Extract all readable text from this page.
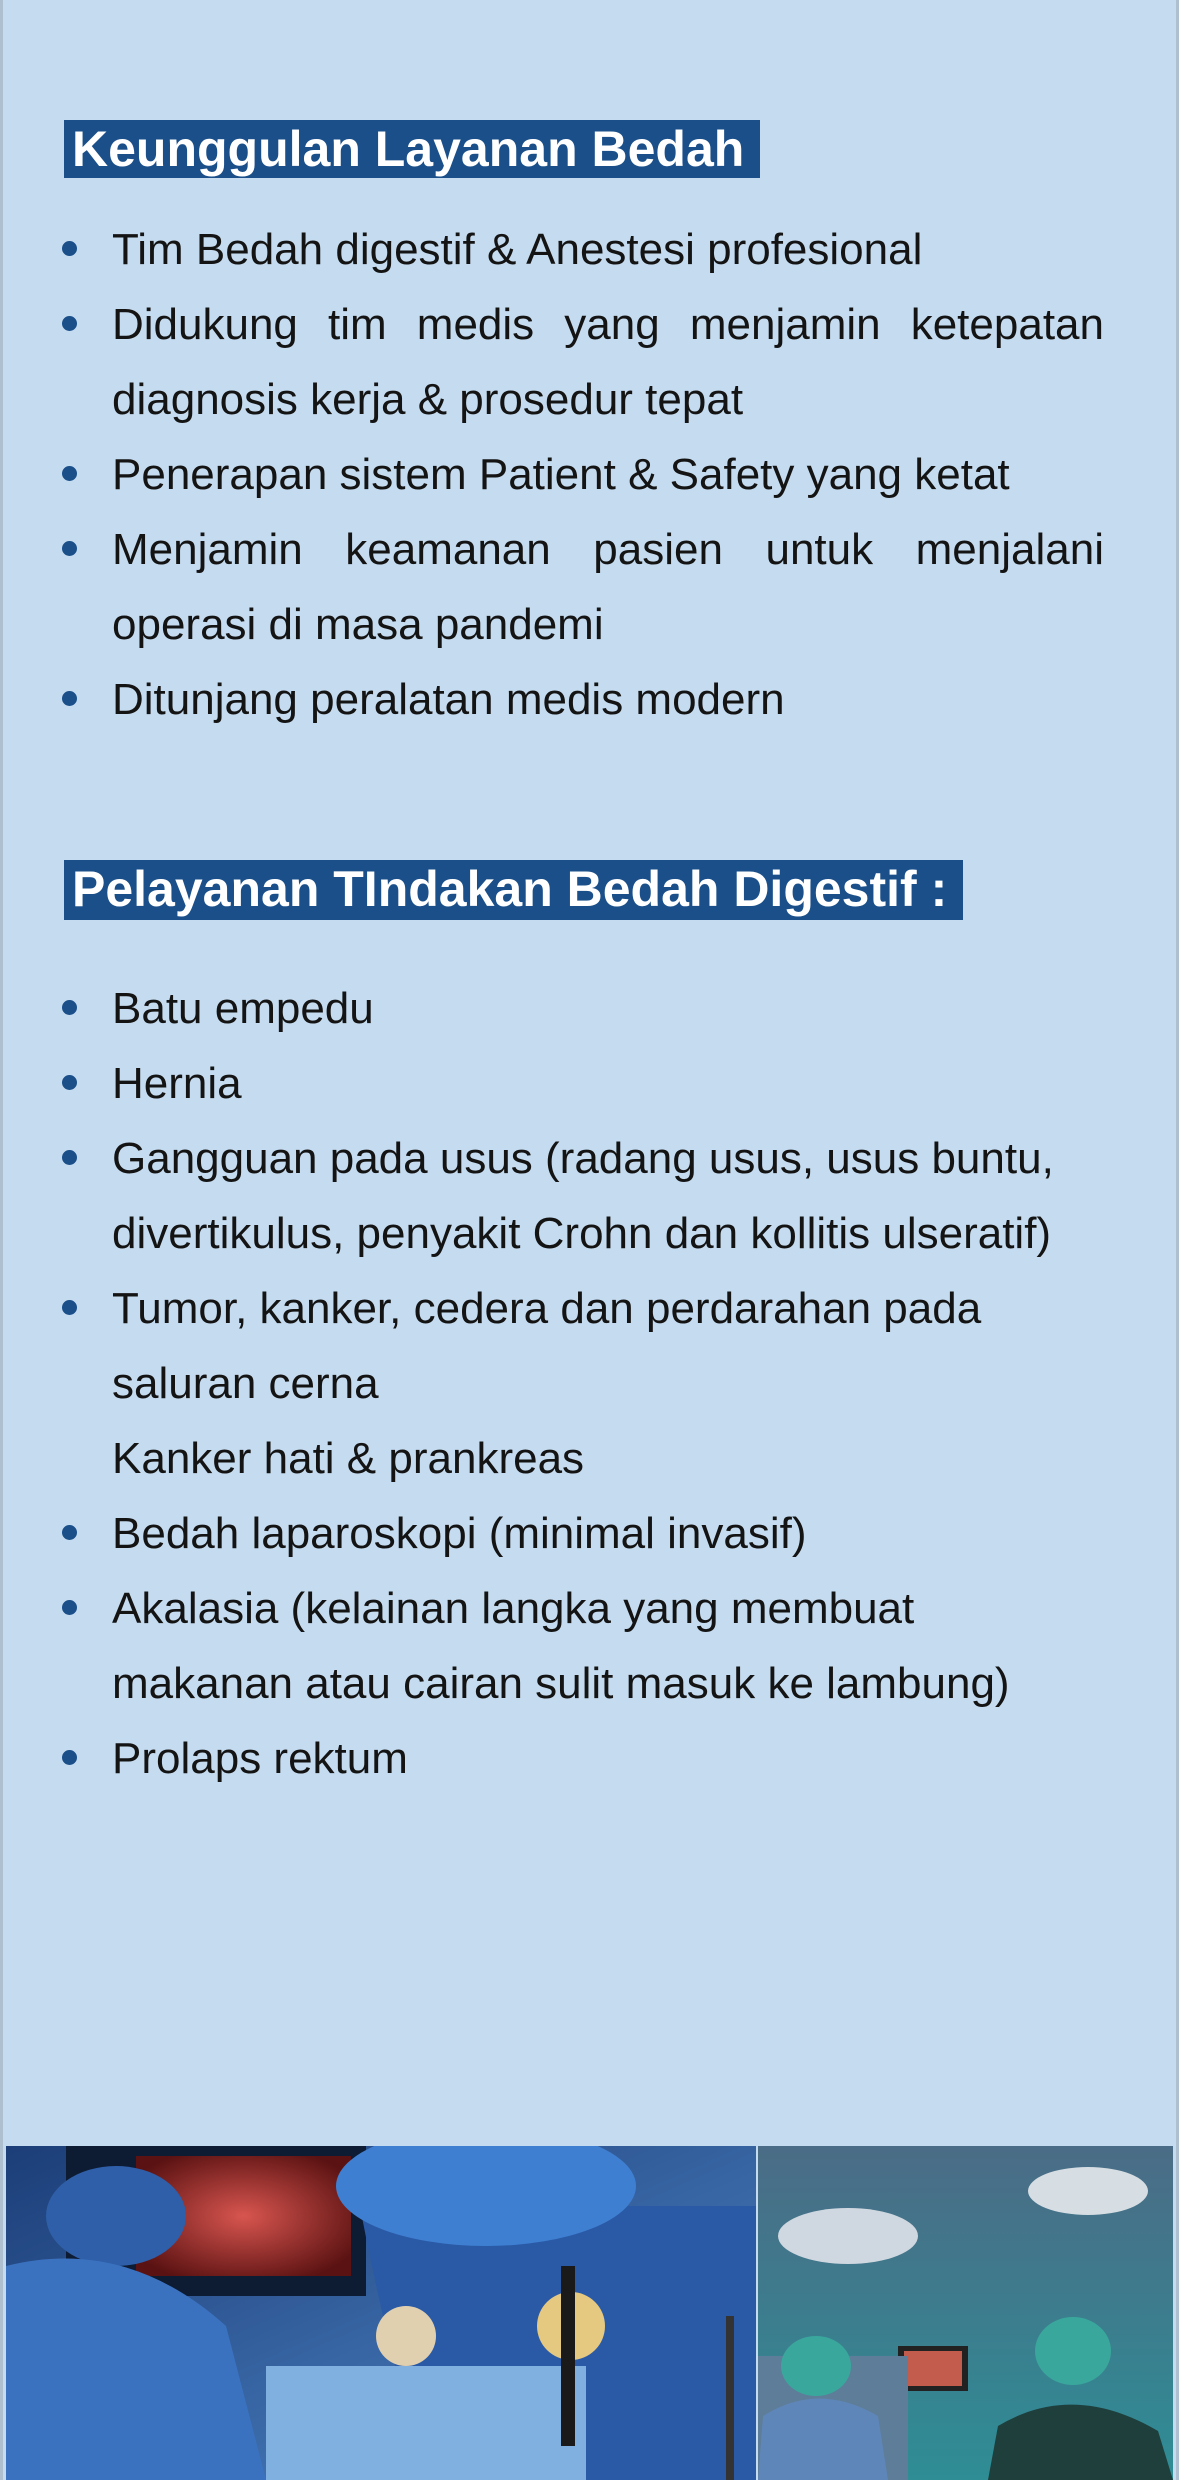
Keunggulan Layanan Bedah
Tim Bedah digestif & Anestesi profesional
Didukung tim medis yang menjamin ketepatan diagnosis kerja & prosedur tepat
Penerapan sistem Patient & Safety yang ketat
Menjamin keamanan pasien untuk menjalani operasi di masa pandemi
Ditunjang peralatan medis modern
Pelayanan TIndakan Bedah Digestif :
Batu empedu
Hernia
Gangguan pada usus (radang usus, usus buntu, divertikulus, penyakit Crohn dan kollitis ulseratif)
Tumor, kanker, cedera dan perdarahan pada saluran cerna
Kanker hati & prankreas
Bedah laparoskopi (minimal invasif)
Akalasia (kelainan langka yang membuat makanan atau cairan sulit masuk ke lambung)
Prolaps rektum
